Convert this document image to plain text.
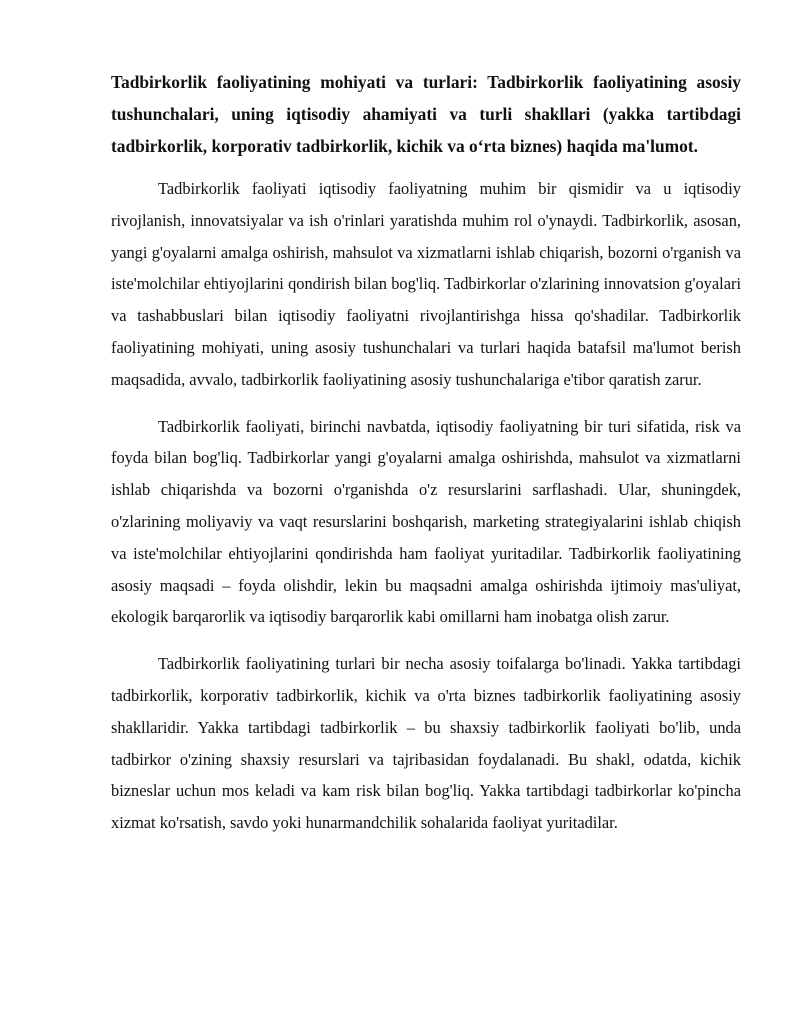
Tadbirkorlik faoliyatining mohiyati va turlari: Tadbirkorlik faoliyatining asosiy tushunchalari, uning iqtisodiy ahamiyati va turli shakllari (yakka tartibdagi tadbirkorlik, korporativ tadbirkorlik, kichik va o‘rta biznes) haqida ma'lumot.

Tadbirkorlik faoliyati iqtisodiy faoliyatning muhim bir qismidir va u iqtisodiy rivojlanish, innovatsiyalar va ish o'rinlari yaratishda muhim rol o'ynaydi. Tadbirkorlik, asosan, yangi g'oyalarni amalga oshirish, mahsulot va xizmatlarni ishlab chiqarish, bozorni o'rganish va iste'molchilar ehtiyojlarini qondirish bilan bog'liq. Tadbirkorlar o'zlarining innovatsion g'oyalari va tashabbuslari bilan iqtisodiy faoliyatni rivojlantirishga hissa qo'shadilar. Tadbirkorlik faoliyatining mohiyati, uning asosiy tushunchalari va turlari haqida batafsil ma'lumot berish maqsadida, avvalo, tadbirkorlik faoliyatining asosiy tushunchalariga e'tibor qaratish zarur.

Tadbirkorlik faoliyati, birinchi navbatda, iqtisodiy faoliyatning bir turi sifatida, risk va foyda bilan bog'liq. Tadbirkorlar yangi g'oyalarni amalga oshirishda, mahsulot va xizmatlarni ishlab chiqarishda va bozorni o'rganishda o'z resurslarini sarflashadi. Ular, shuningdek, o'zlarining moliyaviy va vaqt resurslarini boshqarish, marketing strategiyalarini ishlab chiqish va iste'molchilar ehtiyojlarini qondirishda ham faoliyat yuritadilar. Tadbirkorlik faoliyatining asosiy maqsadi – foyda olishdir, lekin bu maqsadni amalga oshirishda ijtimoiy mas'uliyat, ekologik barqarorlik va iqtisodiy barqarorlik kabi omillarni ham inobatga olish zarur.

Tadbirkorlik faoliyatining turlari bir necha asosiy toifalarga bo'linadi. Yakka tartibdagi tadbirkorlik, korporativ tadbirkorlik, kichik va o'rta biznes tadbirkorlik faoliyatining asosiy shakllaridir. Yakka tartibdagi tadbirkorlik – bu shaxsiy tadbirkorlik faoliyati bo'lib, unda tadbirkor o'zining shaxsiy resurslari va tajribasidan foydalanadi. Bu shakl, odatda, kichik bizneslar uchun mos keladi va kam risk bilan bog'liq. Yakka tartibdagi tadbirkorlar ko'pincha xizmat ko'rsatish, savdo yoki hunarmandchilik sohalarida faoliyat yuritadilar.
